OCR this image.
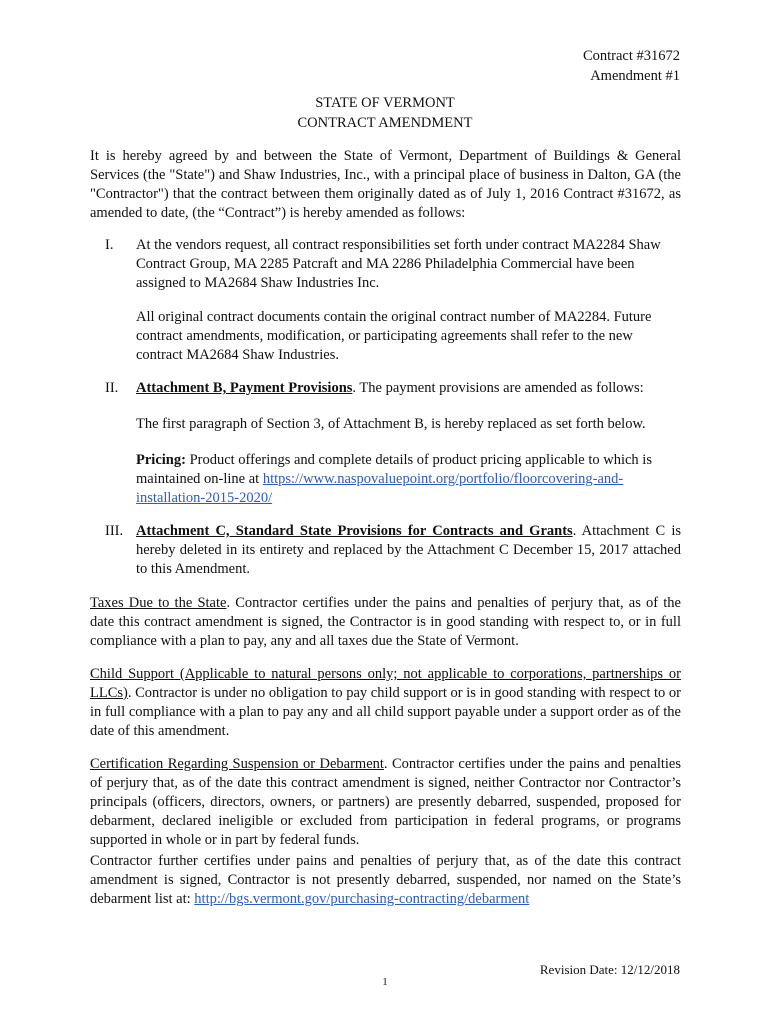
Contract #31672
Amendment #1
STATE OF VERMONT
CONTRACT AMENDMENT

It is hereby agreed by and between the State of Vermont, Department of Buildings & General Services (the "State") and Shaw Industries, Inc., with a principal place of business in Dalton, GA (the "Contractor") that the contract between them originally dated as of July 1, 2016 Contract #31672, as amended to date, (the “Contract”) is hereby amended as follows:

I. At the vendors request, all contract responsibilities set forth under contract MA2284 Shaw Contract Group, MA 2285 Patcraft and MA 2286 Philadelphia Commercial have been assigned to MA2684 Shaw Industries Inc.

All original contract documents contain the original contract number of MA2284. Future contract amendments, modification, or participating agreements shall refer to the new contract MA2684 Shaw Industries.

II. Attachment B, Payment Provisions. The payment provisions are amended as follows:

The first paragraph of Section 3, of Attachment B, is hereby replaced as set forth below.

Pricing: Product offerings and complete details of product pricing applicable to which is maintained on-line at https://www.naspovaluepoint.org/portfolio/floorcovering-and-installation-2015-2020/

III. Attachment C, Standard State Provisions for Contracts and Grants. Attachment C is hereby deleted in its entirety and replaced by the Attachment C December 15, 2017 attached to this Amendment.

Taxes Due to the State. Contractor certifies under the pains and penalties of perjury that, as of the date this contract amendment is signed, the Contractor is in good standing with respect to, or in full compliance with a plan to pay, any and all taxes due the State of Vermont.

Child Support (Applicable to natural persons only; not applicable to corporations, partnerships or LLCs). Contractor is under no obligation to pay child support or is in good standing with respect to or in full compliance with a plan to pay any and all child support payable under a support order as of the date of this amendment.

Certification Regarding Suspension or Debarment. Contractor certifies under the pains and penalties of perjury that, as of the date this contract amendment is signed, neither Contractor nor Contractor’s principals (officers, directors, owners, or partners) are presently debarred, suspended, proposed for debarment, declared ineligible or excluded from participation in federal programs, or programs supported in whole or in part by federal funds.

Contractor further certifies under pains and penalties of perjury that, as of the date this contract amendment is signed, Contractor is not presently debarred, suspended, nor named on the State’s debarment list at: http://bgs.vermont.gov/purchasing-contracting/debarment

Revision Date: 12/12/2018
1
